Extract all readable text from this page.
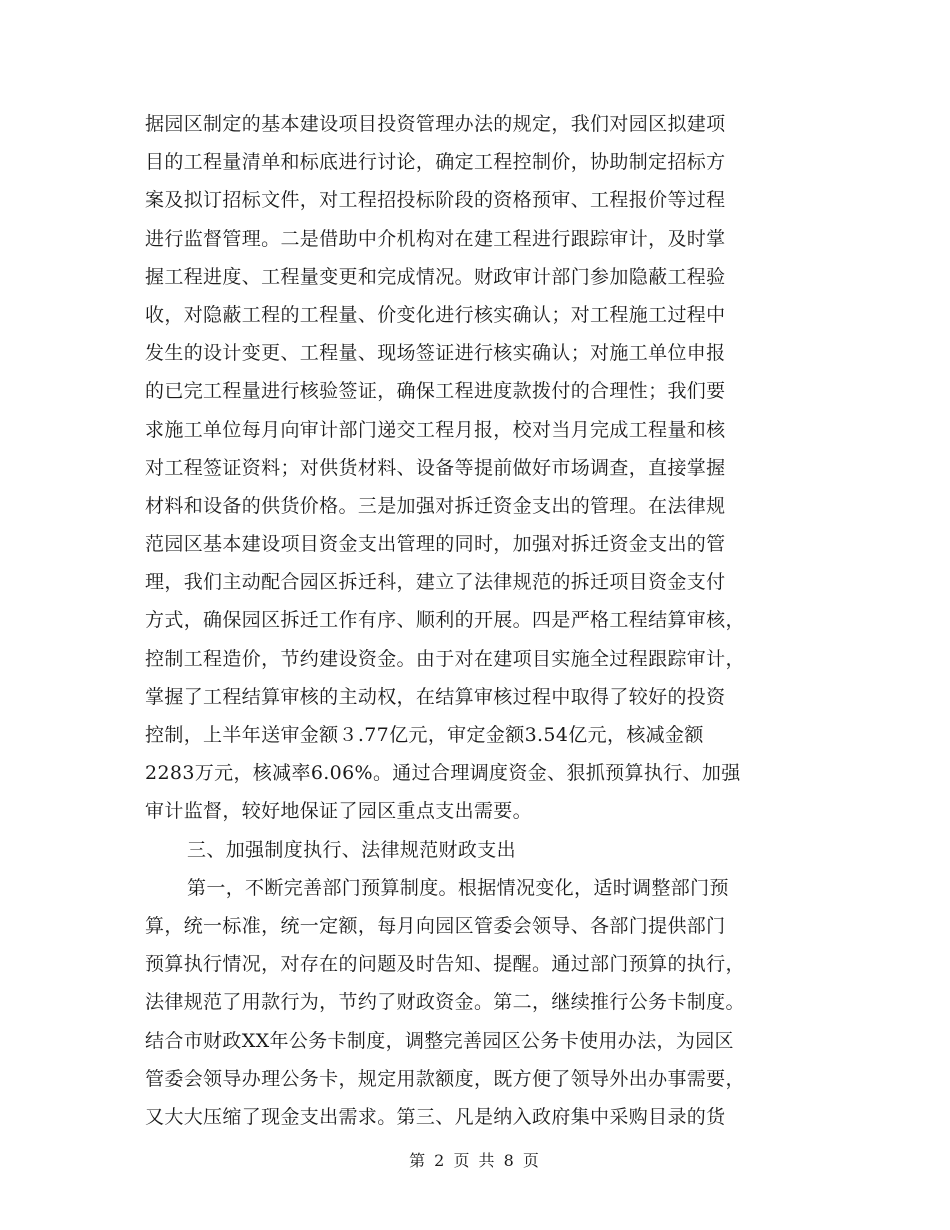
据园区制定的基本建设项目投资管理办法的规定，我们对园区拟建项
目的工程量清单和标底进行讨论，确定工程控制价，协助制定招标方
案及拟订招标文件，对工程招投标阶段的资格预审、工程报价等过程
进行监督管理。二是借助中介机构对在建工程进行跟踪审计，及时掌
握工程进度、工程量变更和完成情况。财政审计部门参加隐蔽工程验
收，对隐蔽工程的工程量、价变化进行核实确认；对工程施工过程中
发生的设计变更、工程量、现场签证进行核实确认；对施工单位申报
的已完工程量进行核验签证，确保工程进度款拨付的合理性；我们要
求施工单位每月向审计部门递交工程月报，校对当月完成工程量和核
对工程签证资料；对供货材料、设备等提前做好市场调查，直接掌握
材料和设备的供货价格。三是加强对拆迁资金支出的管理。在法律规
范园区基本建设项目资金支出管理的同时，加强对拆迁资金支出的管
理，我们主动配合园区拆迁科，建立了法律规范的拆迁项目资金支付
方式，确保园区拆迁工作有序、顺利的开展。四是严格工程结算审核，
控制工程造价，节约建设资金。由于对在建项目实施全过程跟踪审计，
掌握了工程结算审核的主动权，在结算审核过程中取得了较好的投资
控制，上半年送审金额３.77亿元，审定金额3.54亿元，核减金额
2283万元，核减率6.06%。通过合理调度资金、狠抓预算执行、加强
审计监督，较好地保证了园区重点支出需要。
三、加强制度执行、法律规范财政支出
第一，不断完善部门预算制度。根据情况变化，适时调整部门预
算，统一标准，统一定额，每月向园区管委会领导、各部门提供部门
预算执行情况，对存在的问题及时告知、提醒。通过部门预算的执行，
法律规范了用款行为，节约了财政资金。第二，继续推行公务卡制度。
结合市财政XX年公务卡制度，调整完善园区公务卡使用办法，为园区
管委会领导办理公务卡，规定用款额度，既方便了领导外出办事需要，
又大大压缩了现金支出需求。第三、凡是纳入政府集中采购目录的货
第 2 页 共 8 页
